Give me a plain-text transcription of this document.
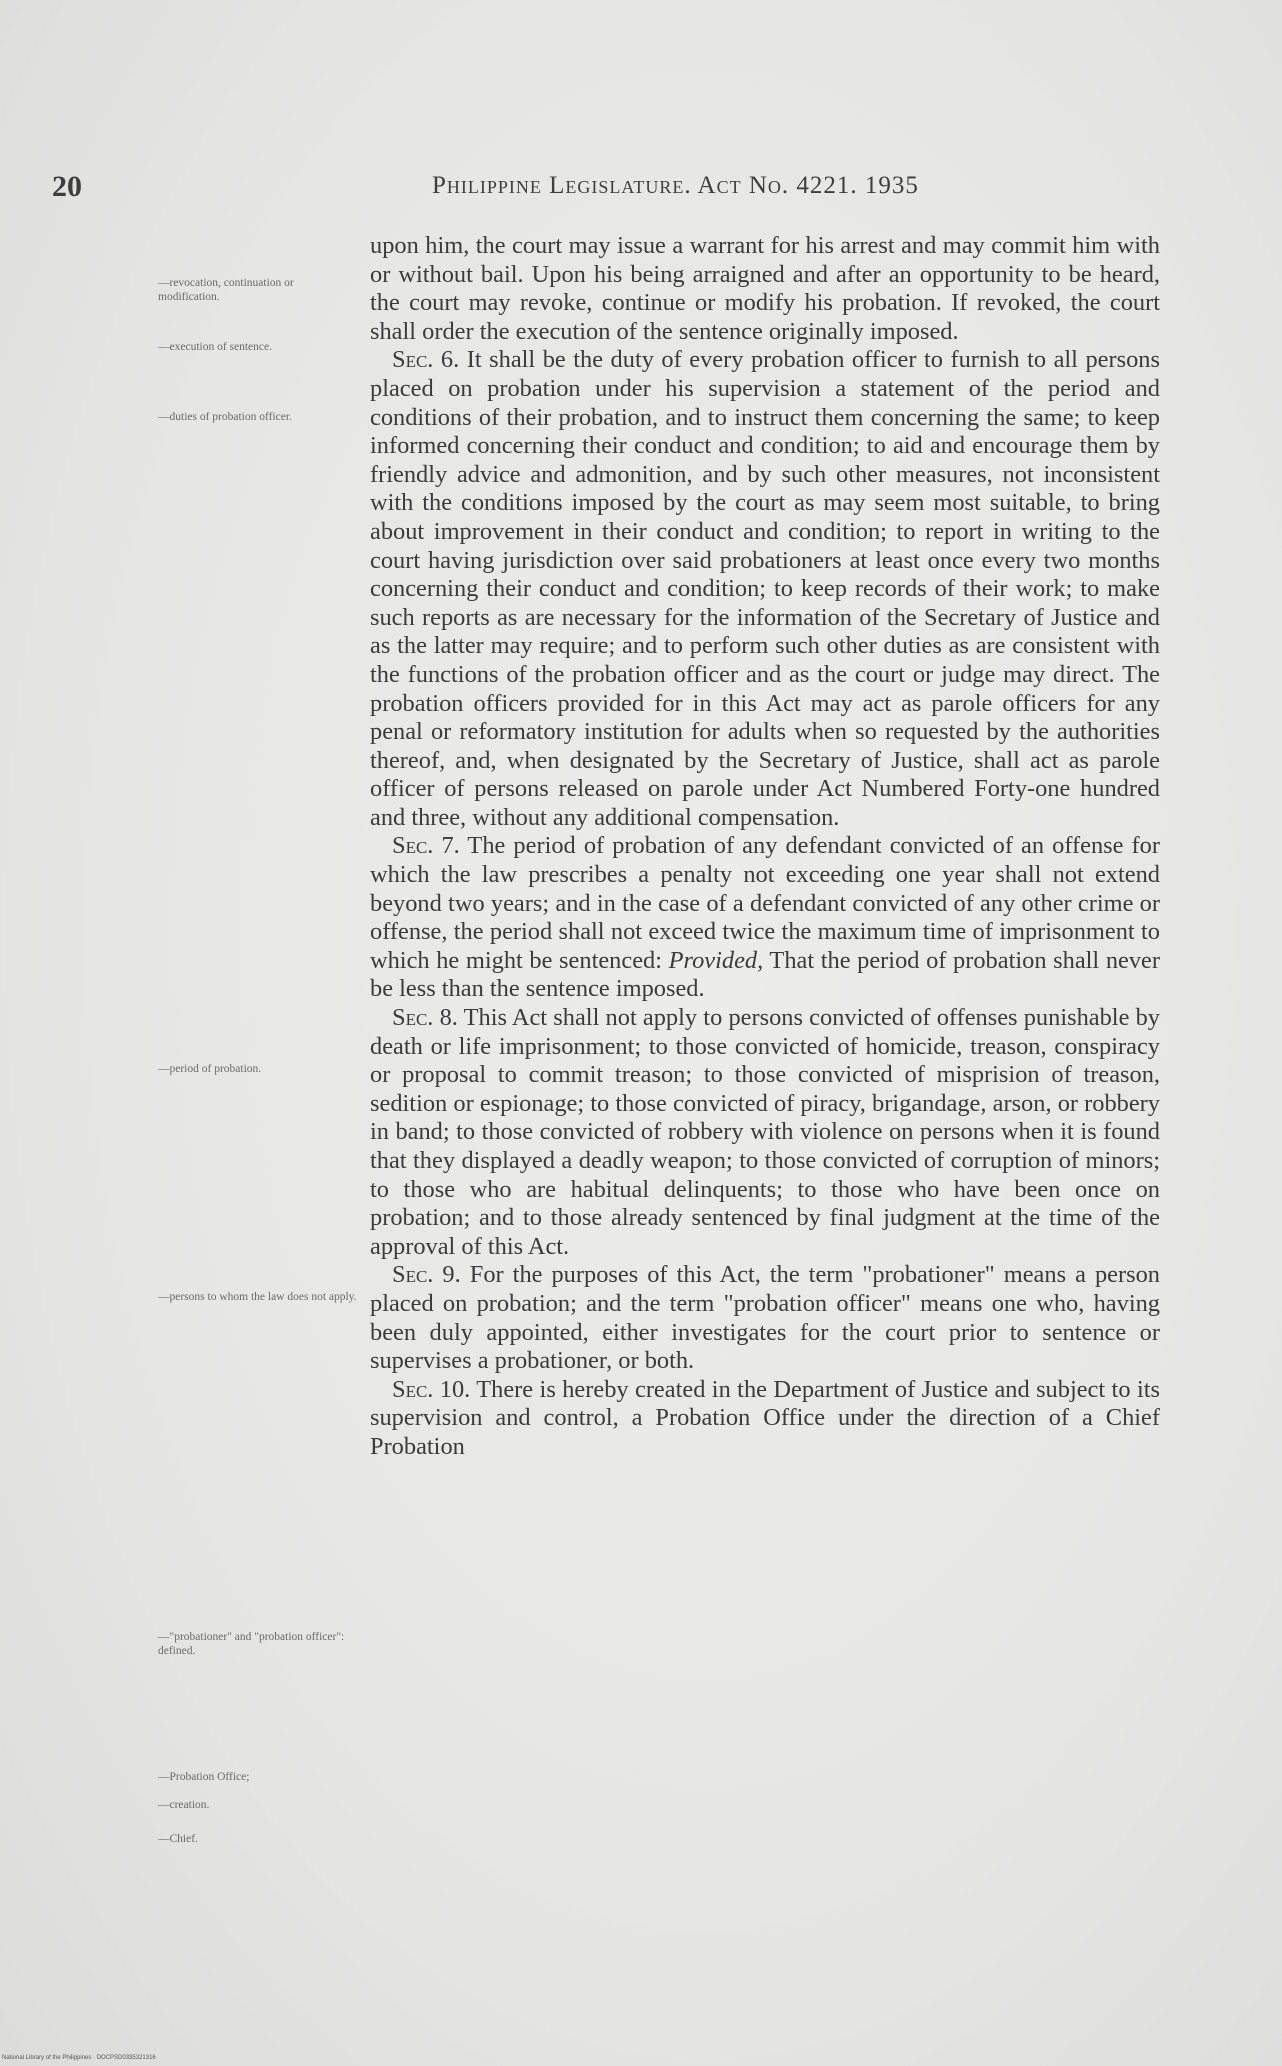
20	Philippine Legislature. Act No. 4221. 1935
—revocation, continuation or modification.
—execution of sentence.
—duties of probation officer.
—period of probation.
—persons to whom the law does not apply.
—"probationer" and "probation officer": defined.
—Probation Office;
—creation.
—Chief.

upon him, the court may issue a warrant for his arrest and may commit him with or without bail. Upon his being arraigned and after an opportunity to be heard, the court may revoke, continue or modify his probation. If revoked, the court shall order the execution of the sentence originally imposed.

Sec. 6. It shall be the duty of every probation officer to furnish to all persons placed on probation under his supervision a statement of the period and conditions of their probation, and to instruct them concerning the same; to keep informed concerning their conduct and condition; to aid and encourage them by friendly advice and admonition, and by such other measures, not inconsistent with the conditions imposed by the court as may seem most suitable, to bring about improvement in their conduct and condition; to report in writing to the court having jurisdiction over said probationers at least once every two months concerning their conduct and condition; to keep records of their work; to make such reports as are necessary for the information of the Secretary of Justice and as the latter may require; and to perform such other duties as are consistent with the functions of the probation officer and as the court or judge may direct. The probation officers provided for in this Act may act as parole officers for any penal or reformatory institution for adults when so requested by the authorities thereof, and, when designated by the Secretary of Justice, shall act as parole officer of persons released on parole under Act Numbered Forty-one hundred and three, without any additional compensation.

Sec. 7. The period of probation of any defendant convicted of an offense for which the law prescribes a penalty not exceeding one year shall not extend beyond two years; and in the case of a defendant convicted of any other crime or offense, the period shall not exceed twice the maximum time of imprisonment to which he might be sentenced: Provided, That the period of probation shall never be less than the sentence imposed.

Sec. 8. This Act shall not apply to persons convicted of offenses punishable by death or life imprisonment; to those convicted of homicide, treason, conspiracy or proposal to commit treason; to those convicted of misprision of treason, sedition or espionage; to those convicted of piracy, brigandage, arson, or robbery in band; to those convicted of robbery with violence on persons when it is found that they displayed a deadly weapon; to those convicted of corruption of minors; to those who are habitual delinquents; to those who have been once on probation; and to those already sentenced by final judgment at the time of the approval of this Act.

Sec. 9. For the purposes of this Act, the term "probationer" means a person placed on probation; and the term "probation officer" means one who, having been duly appointed, either investigates for the court prior to sentence or supervises a probationer, or both.

Sec. 10. There is hereby created in the Department of Justice and subject to its supervision and control, a Probation Office under the direction of a Chief Probation

National Library of the Philippines · DOCPSD0335321316
